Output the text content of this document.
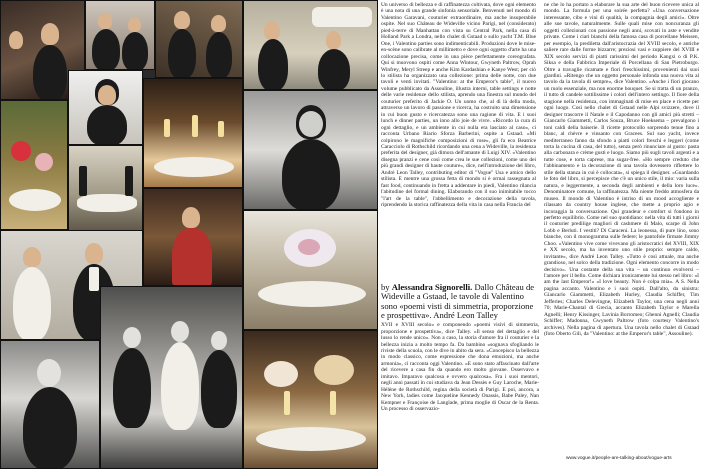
Un universo di bellezza e di raffinatezza coltivata, dove ogni elemento è una nota di una grande sinfonia sensoriale. Benvenuti nel mondo di Valentino Garavani, couturier extraordinaire, ma anche insuperabile ospite. Nel suo Château de Wideville vicino Parigi, nel (considerato) pied-à-terre di Manhattan con vista su Central Park, nella casa di Holland Park a Londra, nello chalet di Gstaad o sullo yacht T.M. Blue One, i Valentino parties sono indimenticabili. Produzioni dove le mise-en-scène sono calibrate al millimetro e dove ogni oggetto d'arte ha una collocazione precisa, come in una pièce perfettamente coreografata. Qui si muovono ospiti come Anna Wintour, Gwyneth Paltrow, Oprah Winfrey, Meryl Streep e anche Kim Kardashian e Kanye West; per ciò lo stilista ha organizzato una collezione: prima delle notte, con due tavoli e venti invitati. "Valentino: at the Emperor's table", il nuovo volume pubblicato da Assouline, illustra interni, table settings e notte delle varie residenze dello stilista, aprendo una finestra sul mondo del couturier preferito di Jackie O. Un uomo che, al di là della moda, attraverso un lavoro di passione e ricerca, ha costruito una dimensione in cui buon gusto e ricercatezza sono una ragione di vita. E i suoi lunch e dinner parties, un inno allo joie de vivre. «Ricordo la cura di ogni dettaglio, e un ambiente in cui nulla era lasciato al caso», ci racconta Urbano Riario Sforza Barberini, ospite a Gstaad. «Mi colpirono le magnifiche composizioni di rose», gli fa eco Beatrice Caracciolo di Rothschild ricordando una cena a Wideville, la residenza preferita del designer, già dimora dell'amante di Luigi XIV. «Valentino disegna pranzi e cene così come crea le sue collezioni, come uno dei più grandi designer di haute couture», dice, nell'introduzione del libro, André Leon Talley, contributing editor di "Vogue" Usa e amico dello stilista. E mentre una grossa fetta di mondo si è ormai rassegnata al fast food, continuando in fretta a addentare in piedi, Valentino rilancia l'abitudine del formal dining. Elaborando con il suo inimitabile tocco "l'art de la table", l'abbellimento e decorazione della tavola, riprendendo la storica raffinatezza della vita in casa nella Francia del
by Alessandra Signorelli. Dallo Château de Wideville a Gstaad, le tavole di Valentino sono «poemi visti di simmetria, proporzione e prospettiva». André Leon Talley
XVII e XVIII secolo» e componendo «poemi visivi di simmetria, proporzione e prospettiva», dice Talley. «Il senso del dettaglio e del lusso lo rende unico». Non a caso, la storia d'amore fra il couturier e la bellezza inizia a molto tempo fa. Da bambino «sognava sfogliando le riviste della scuola, con le dive in abito da sera. «Concepisco la bellezza in modo classico, come espressione che dona emozioni, ma anche armonia», ci racconta oggi Valentino. «E sono stato affascinato dall'arte del ricevere a casa fin da quando ero molto giovane. Osservavo e imitavo. Imparavo qualcosa e ovvero qualcosa». Fra i suoi mentori, negli anni passati in cui studiava da Jean Dessès e Guy Laroche, Marie-Hélène de Rothschild, regina della società di Parigi. E poi, ancora, a New York, ladies come Jacqueline Kennedy Onassis, Babe Paley, Nan Kempner e Françoise de Langlade, prima moglie di Oscar de la Renta. Un processo di osservazio-
ne che lo ha portato a elaborare la sua arte del buon ricevere unica al mondo. La formula per una soirée perfetta? «Una conversazione interessante, cibo e vini di qualità, la compagnia degli amici». Oltre alle sue tavole, naturalmente. Sulle quali mise con noncuranza gli oggetti collezionati con passione negli anni, scovati in aste e vendite private. Come i ciari bianchi della famosa casa di porcellane Meissen, per esempio, la prediletta dall'aristocrazia del XVIII secolo, e antiche saliere rare dalle forme bizzarre; preziosi vasi e zuppiere del XVIII e XIX secolo servizi di piatti rarissimi del periodo Kangxi o di P.K. Siksa e della Fabbrica Imperiale di Porcellana di San Pietroburgo. Oltre a travaglie ricamate e fiori freschissimi, provenienti dai suoi giardini. «Ritengo che un oggetto personale infonda una nuova vita al tavolo da la tavola di sempre», dice Valentino. «Anche i fiori giocano un ruolo essenziale, ma non enorme bouquet. Se si tratta di un pranzo, il tutto di candele sottilissime i colori dell'intero settingo. Il fiore della stagione nella residenza, con immaginati di mise en place e ricette per ogni luogo. Così nello chalet di Gstaad nelle Alpi svizzere, dove il designer trascorre il Natale e il Capodanno con gli amici più stretti – Giancarlo Giammetti, Carlos Souza, Bruce Hoeksema – prevalgono i toni caldi della baiserie. Il ricette protocollo sorprendo tenue fino a blanc, al chèvre e vinsanto con Gracees. Sul suo yacht, invece mediterraneo fanno da sfondo a piatti colori freschi e leggeri (come torta la cucina di casa, del tutto), senza però rinunciare al gusto: pasta alla carbonara e crème gusti e luogo. Siamo più sugli tavoli argenti e a tutte cose, e torta caprese, ma sugar-free. «Ho sempre creduto che l'abbinamento e la decorazione di una tavola dovessero riflettere lo stile della stanza in cui è collocata», si spiega il designer. «Guardando le foto del libro, si percepisce che c'è un unico stile, il mio: varia sulla natura, e leggermente, a seconda degli ambienti e della loro luce». Denominatore comune, la raffinatezza. Ma niente freddo atmosfera da museo. Il mondo di Valentino è intriso di un mood accogliente e rilassato da country house inglese, che mette a proprio agio e incoraggia la conversazione. Qui grandeur e comfort si fondono in perfetto equilibrio. Come nel suo quotidiano: nella vita di tutti i giorni il couturier predilige magliori di cashmere di Malo, scarpe di John Lobb e Berluti. I vestiti? Di Caraceni. La leonessa, di pure lino, sono bianche, con il monogramma sulle federe; le pantofole firmate Jimmy Choo. «Valentino vive come vivevano gli aristocratici del XVIII, XIX e XX secolo, ma ha inventato uno stile proprio: sempre caldo, invitante», dice André Leon Talley. «Tutto è così attuale, ma anche grandioso, nel solco della tradizione. Ogni elemento concorre in modo decisivo». Una costante della sua vita – un continuo evolversi – l'amore per il bello. Come dichiara ironicamente lui stesso nel libro: «I am the last Emperor!» «I love beauty. Non è colpa mia». A S. Nella pagina accanto. Valentino e i suoi ospiti. Dall'alto, da sinistra: Giancarlo Giammetti, Elizabeth Hurley, Claudia Schiffer, Tim Jefferies; Charles Delevingne, Elizabeth Taylor, una cena negli anni 70; Marie-Chantal di Grecia, accanto Elizabeth Taylor e Marella Agnelli; Henry Kissinger, Lavinia Borromeo; Ghenni Agnelli; Claudia Schiffer; Madonna, Gwyneth Paltrow (foto courtesy Valentino's archives). Nella pagina di apertura. Una tavola nello chalet di Gstaad (foto Oberto Gili, da "Valentino: at the Emperor's table", Assouline).
www.vogue.it/people-are-talking-about/vogue-arts
